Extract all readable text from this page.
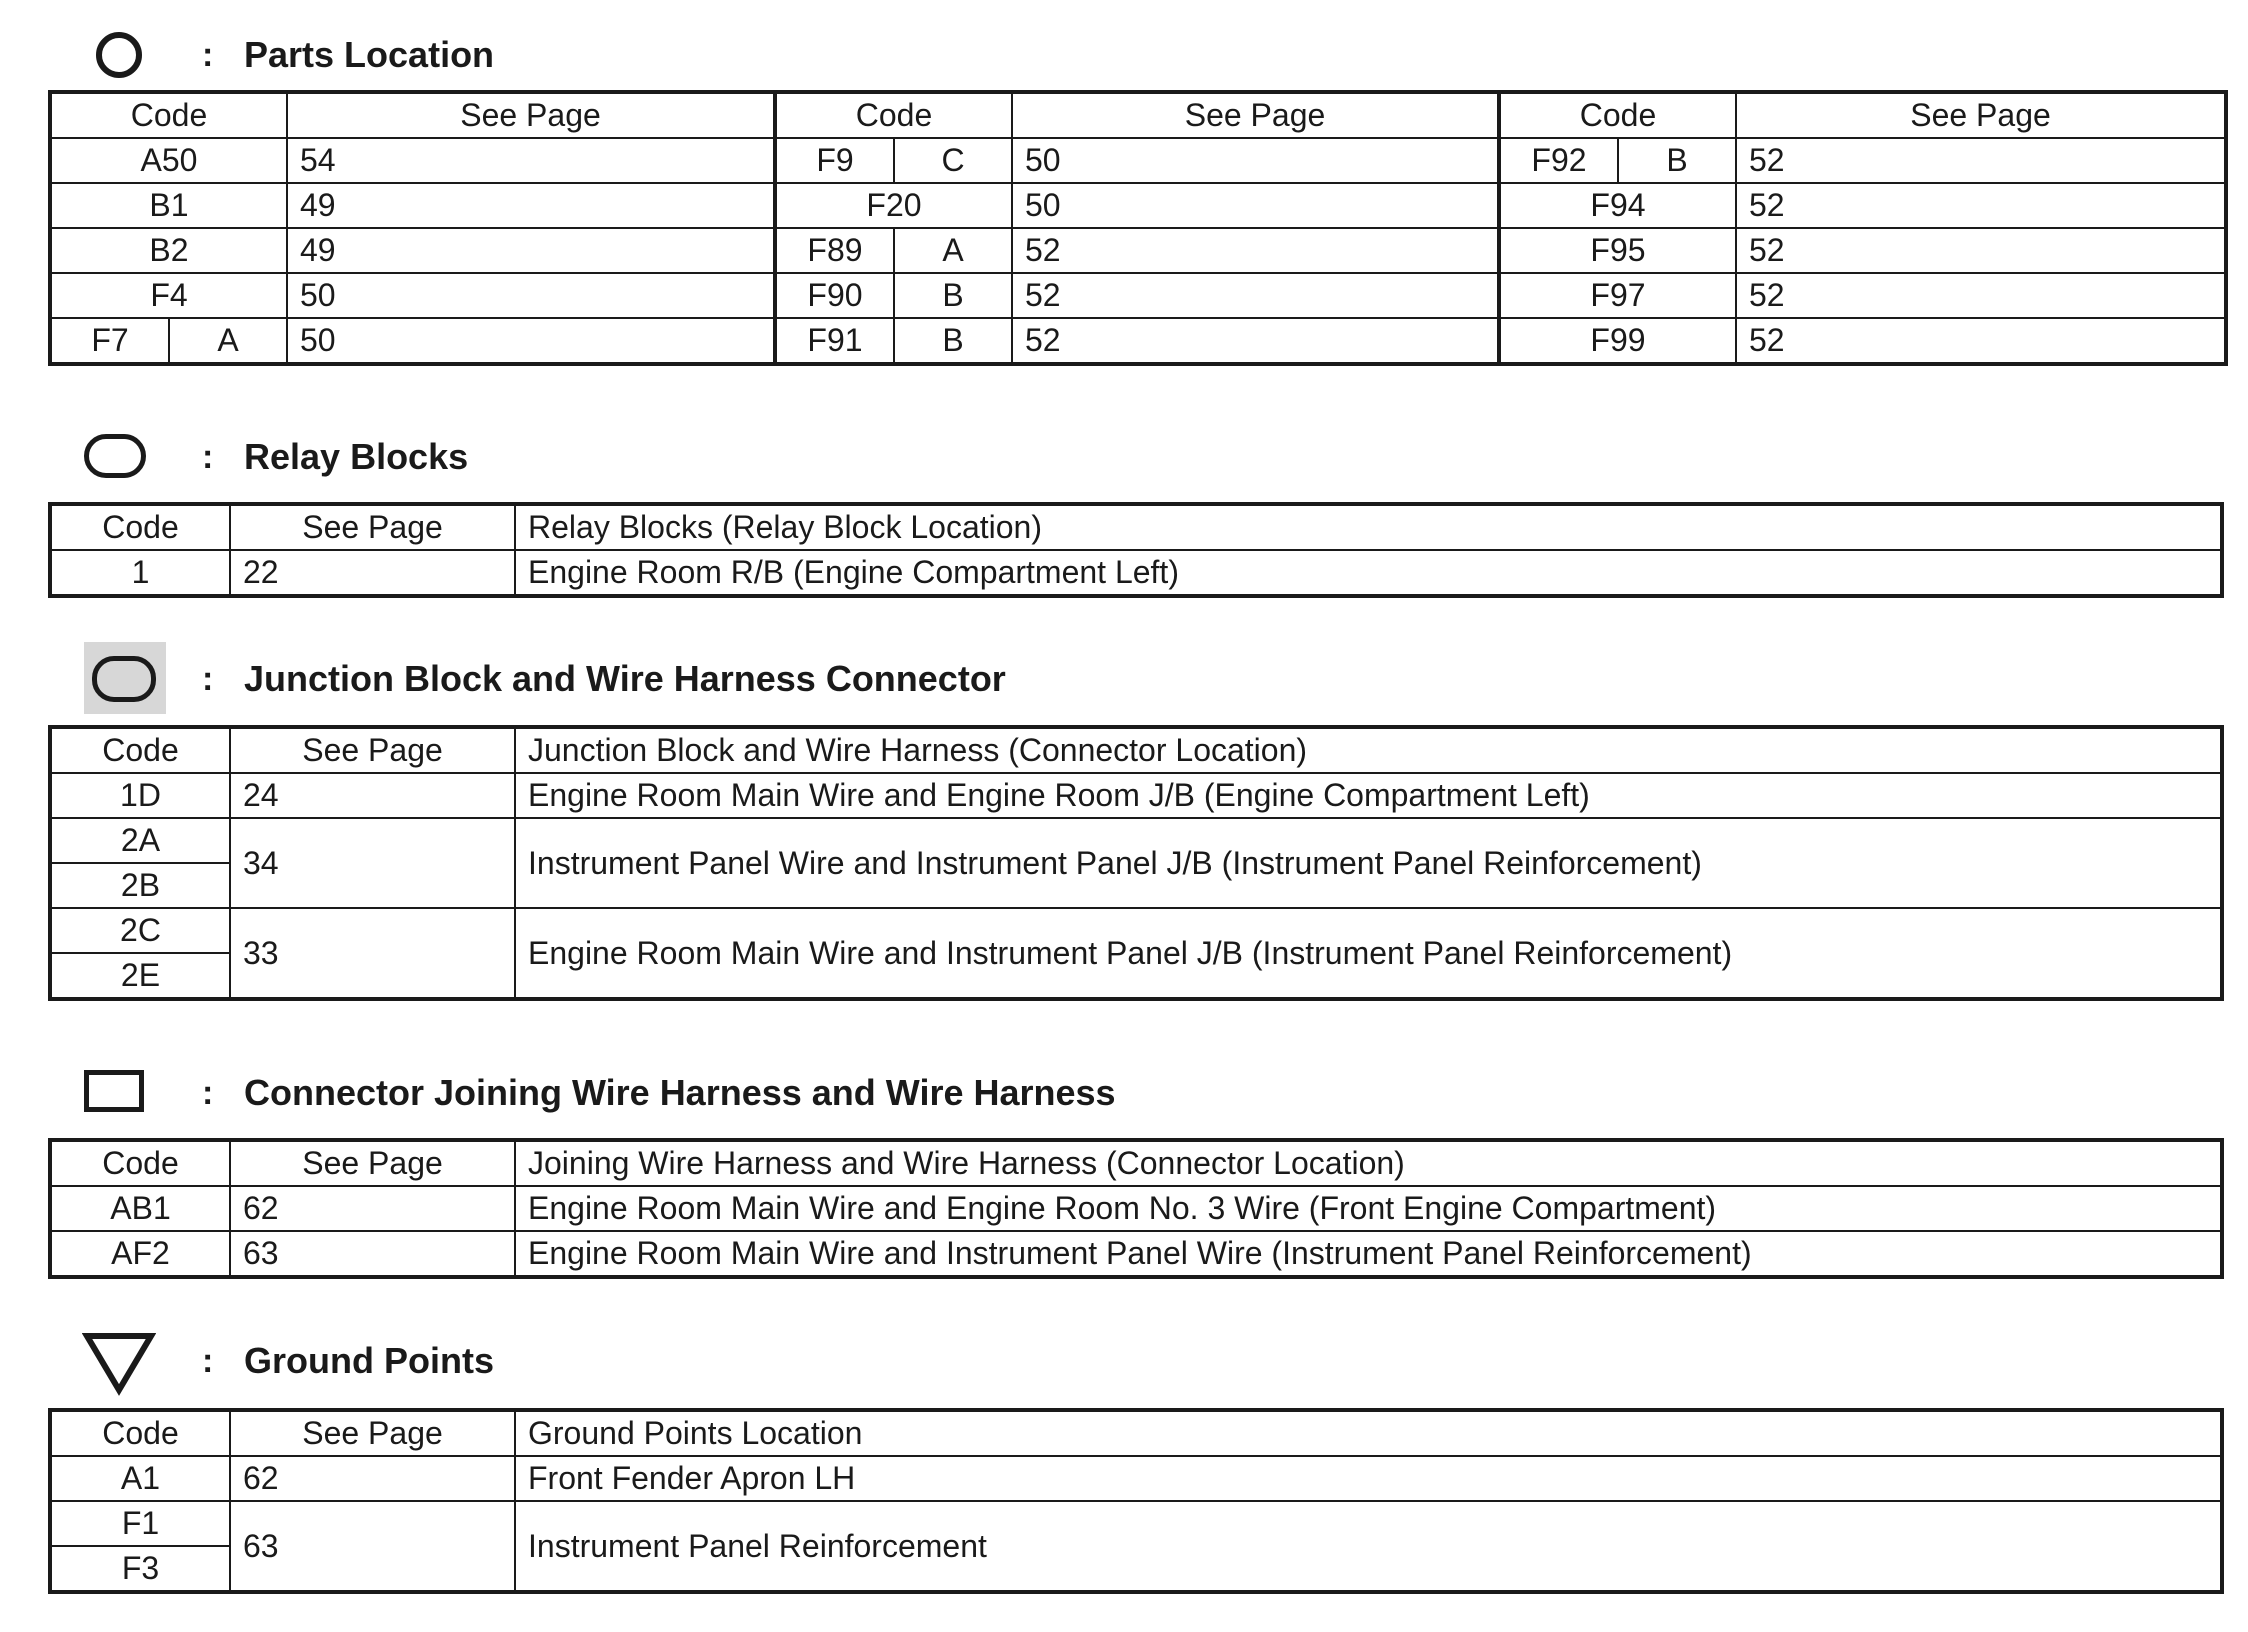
: Parts Location
Code		See Page	Code		See Page	Code		See Page
A50		54	F9	C	50	F92	B	52
B1		49	F20		50	F94		52
B2		49	F89	A	52	F95		52
F4		50	F90	B	52	F97		52
F7	A	50	F91	B	52	F99		52
: Relay Blocks
Code	See Page	Relay Blocks (Relay Block Location)
1	22	Engine Room R/B (Engine Compartment Left)
: Junction Block and Wire Harness Connector
Code	See Page	Junction Block and Wire Harness (Connector Location)
1D	24	Engine Room Main Wire and Engine Room J/B (Engine Compartment Left)
2A	34	Instrument Panel Wire and Instrument Panel J/B (Instrument Panel Reinforcement)
2B		
2C	33	Engine Room Main Wire and Instrument Panel J/B (Instrument Panel Reinforcement)
2E		
: Connector Joining Wire Harness and Wire Harness
Code	See Page	Joining Wire Harness and Wire Harness (Connector Location)
AB1	62	Engine Room Main Wire and Engine Room No. 3 Wire (Front Engine Compartment)
AF2	63	Engine Room Main Wire and Instrument Panel Wire (Instrument Panel Reinforcement)
: Ground Points
Code	See Page	Ground Points Location
A1	62	Front Fender Apron LH
F1	63	Instrument Panel Reinforcement
F3		
